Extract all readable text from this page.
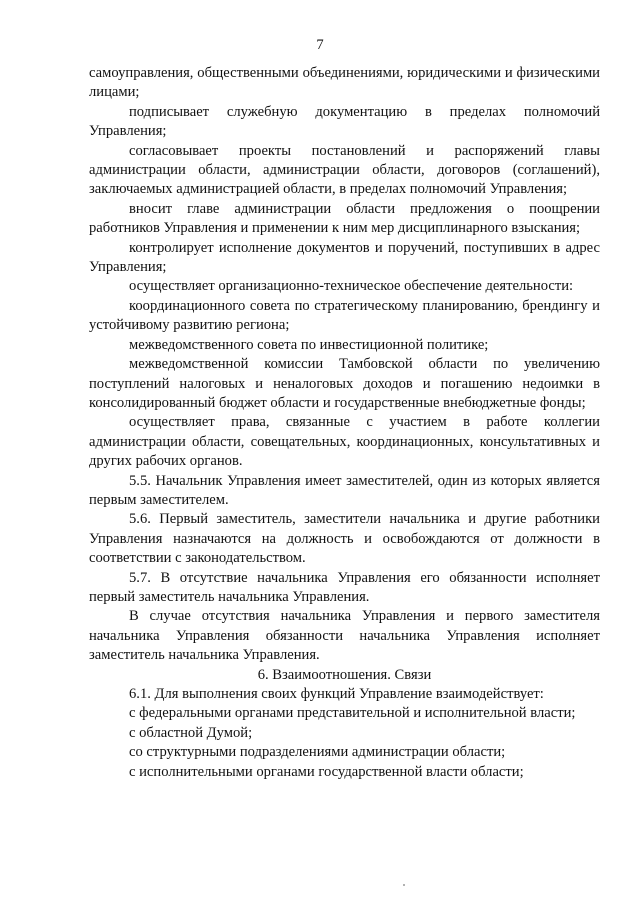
7

самоуправления, общественными объединениями, юридическими и физическими лицами;

подписывает служебную документацию в пределах полномочий Управления;

согласовывает проекты постановлений и распоряжений главы администрации области, администрации области, договоров (соглашений), заключаемых администрацией области, в пределах полномочий Управления;

вносит главе администрации области предложения о поощрении работников Управления и применении к ним мер дисциплинарного взыскания;

контролирует исполнение документов и поручений, поступивших в адрес Управления;

осуществляет организационно-техническое обеспечение деятельности:

координационного совета по стратегическому планированию, брендингу и устойчивому развитию региона;

межведомственного совета по инвестиционной политике;

межведомственной комиссии Тамбовской области по увеличению поступлений налоговых и неналоговых доходов и погашению недоимки в консолидированный бюджет области и государственные внебюджетные фонды;

осуществляет права, связанные с участием в работе коллегии администрации области, совещательных, координационных, консультативных и других рабочих органов.

5.5. Начальник Управления имеет заместителей, один из которых является первым заместителем.

5.6. Первый заместитель, заместители начальника и другие работники Управления назначаются на должность и освобождаются от должности в соответствии с законодательством.

5.7. В отсутствие начальника Управления его обязанности исполняет первый заместитель начальника Управления.

В случае отсутствия начальника Управления и первого заместителя начальника Управления обязанности начальника Управления исполняет заместитель начальника Управления.

6. Взаимоотношения. Связи

6.1. Для выполнения своих функций Управление взаимодействует:

с федеральными органами представительной и исполнительной власти;

с областной Думой;

со структурными подразделениями администрации области;

с исполнительными органами государственной власти области;
